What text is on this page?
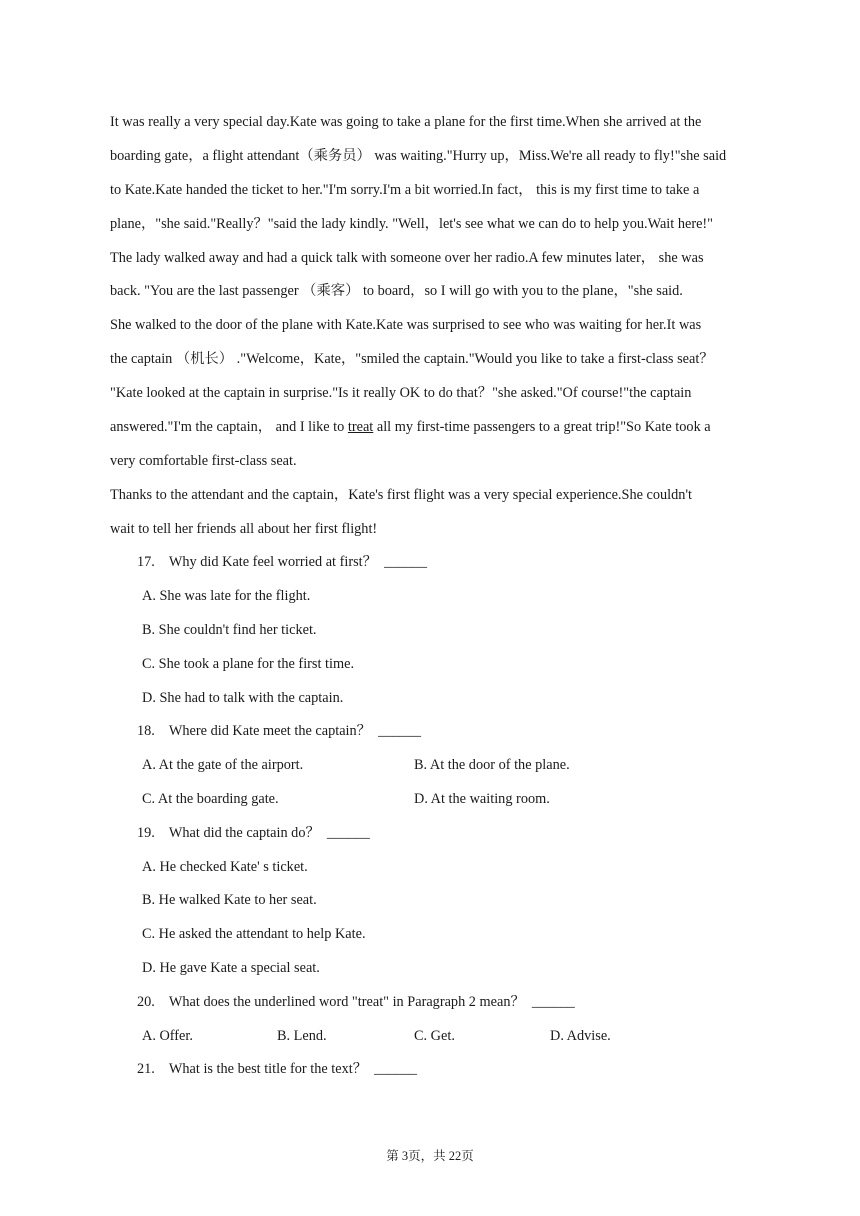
It was really a very special day.Kate was going to take a plane for the first time.When she arrived at the
boarding gate，a flight attendant（乘务员） was waiting."Hurry up，Miss.We're all ready to fly!"she said
to Kate.Kate handed the ticket to her."I'm sorry.I'm a bit worried.In fact， this is my first time to take a
plane，"she said."Really？"said the lady kindly. "Well，let's see what we can do to help you.Wait here!"
The lady walked away and had a quick talk with someone over her radio.A few minutes later， she was
back. "You are the last passenger （乘客） to board，so I will go with you to the plane，"she said.
She walked to the door of the plane with Kate.Kate was surprised to see who was waiting for her.It was
the captain （机长） ."Welcome，Kate，"smiled the captain."Would you like to take a first-class seat？
"Kate looked at the captain in surprise."Is it really OK to do that？"she asked."Of course!"the captain
answered."I'm the captain， and I like to treat all my first-time passengers to a great trip!"So Kate took a
very comfortable first-class seat.
Thanks to the attendant and the captain，Kate's first flight was a very special experience.She couldn't
wait to tell her friends all about her first flight!
17.    Why did Kate feel worried at first？  ______
A. She was late for the flight.
B. She couldn't find her ticket.
C. She took a plane for the first time.
D. She had to talk with the captain.
18.    Where did Kate meet the captain？  ______
A. At the gate of the airport.	B. At the door of the plane.
C. At the boarding gate.	D. At the waiting room.
19.    What did the captain do？  ______
A. He checked Kate' s ticket.
B. He walked Kate to her seat.
C. He asked the attendant to help Kate.
D. He gave Kate a special seat.
20.    What does the underlined word "treat" in Paragraph 2 mean？  ______
A. Offer.	B. Lend.	C. Get.	D. Advise.
21.    What is the best title for the text？  ______
第 3页，共 22页
